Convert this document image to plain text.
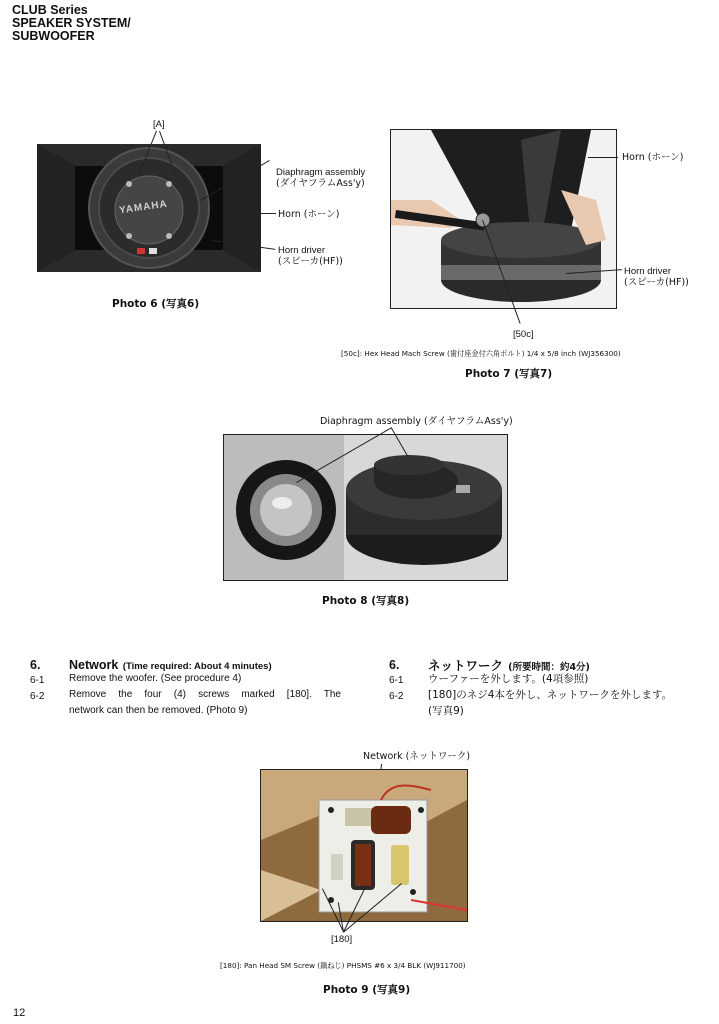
CLUB Series
SPEAKER SYSTEM/
SUBWOOFER
[A]
YAMAHA
Diaphragm assembly
(ダイヤフラムAss'y)
Horn (ホーン)
Horn driver
(スピーカ(HF))
Photo 6 (写真6)
Horn (ホーン)
Horn driver
(スピーカ(HF))
[50c]
[50c]: Hex Head Mach Screw (歯付座金付六角ボルト) 1/4 x 5/8 inch (WJ356300)
Photo 7 (写真7)
Diaphragm assembly (ダイヤフラムAss'y)
Photo 8 (写真8)
6. Network (Time required: About 4 minutes)
6-1 Remove the woofer. (See procedure 4)
6-2 Remove the four (4) screws marked [180]. The
network can then be removed. (Photo 9)
6. ネットワーク (所要時間：約4分)
6-1 ウーファーを外します。(4項参照)
6-2 [180]のネジ4本を外し、ネットワークを外します。
(写真9)
Network (ネットワーク)
[180]
[180]: Pan Head SM Screw (鍋ねじ) PHSMS #6 x 3/4 BLK (WJ911700)
Photo 9 (写真9)
12
